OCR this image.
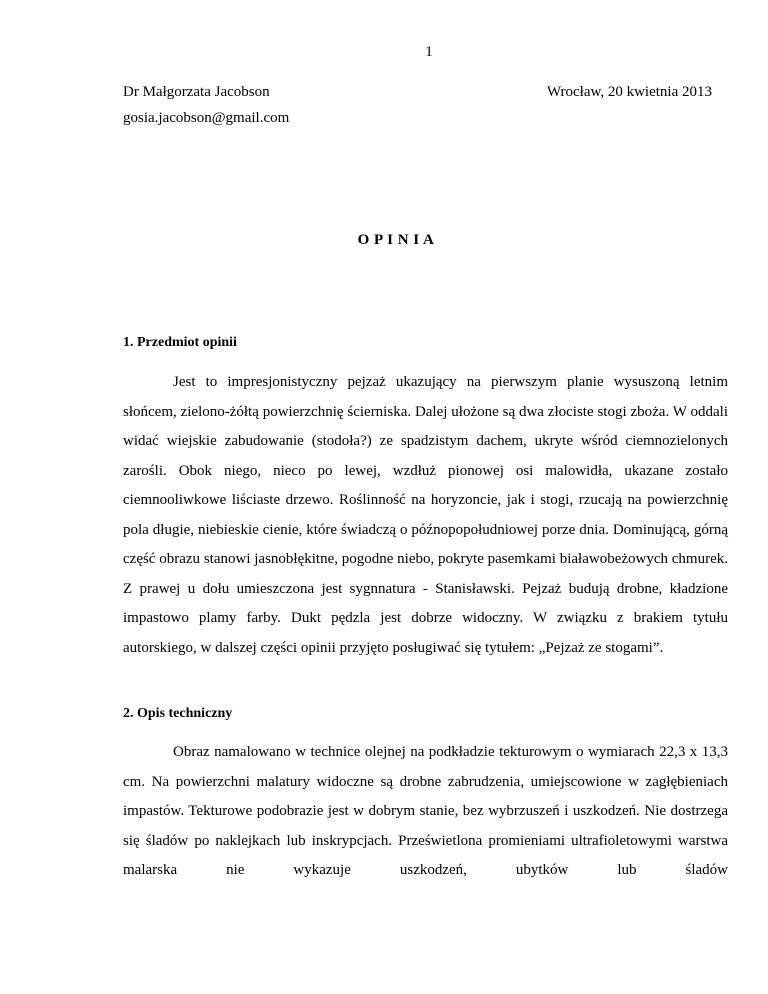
1
Dr Małgorzata Jacobson
gosia.jacobson@gmail.com
Wrocław, 20 kwietnia 2013
O P I N I A
1. Przedmiot opinii

Jest to impresjonistyczny pejzaż ukazujący na pierwszym planie wysuszoną letnim słońcem, zielono-żółtą powierzchnię ścierniska. Dalej ułożone są dwa złociste stogi zboża. W oddali widać wiejskie zabudowanie (stodoła?) ze spadzistym dachem, ukryte wśród ciemnozielonych zarośli. Obok niego, nieco po lewej, wzdłuż pionowej osi malowidła, ukazane zostało ciemnooliwkowe liściaste drzewo. Roślinność na horyzoncie, jak i stogi, rzucają na powierzchnię pola długie, niebieskie cienie, które świadczą o późnopopołudniowej porze dnia. Dominującą, górną część obrazu stanowi jasnobłękitne, pogodne niebo, pokryte pasemkami białawobeżowych chmurek. Z prawej u dołu umieszczona jest sygnnatura - Stanisławski. Pejzaż budują drobne, kładzione impastowo plamy farby. Dukt pędzla jest dobrze widoczny. W związku z brakiem tytułu autorskiego, w dalszej części opinii przyjęto posługiwać się tytułem: „Pejzaż ze stogami”.

2. Opis techniczny

Obraz namalowano w technice olejnej na podkładzie tekturowym o wymiarach 22,3 x 13,3 cm. Na powierzchni malatury widoczne są drobne zabrudzenia, umiejscowione w zagłębieniach impastów. Tekturowe podobrazie jest w dobrym stanie, bez wybrzuszeń i uszkodzeń. Nie dostrzega się śladów po naklejkach lub inskrypcjach. Prześwietlona promieniami ultrafioletowymi warstwa malarska nie wykazuje uszkodzeń, ubytków lub śladów
